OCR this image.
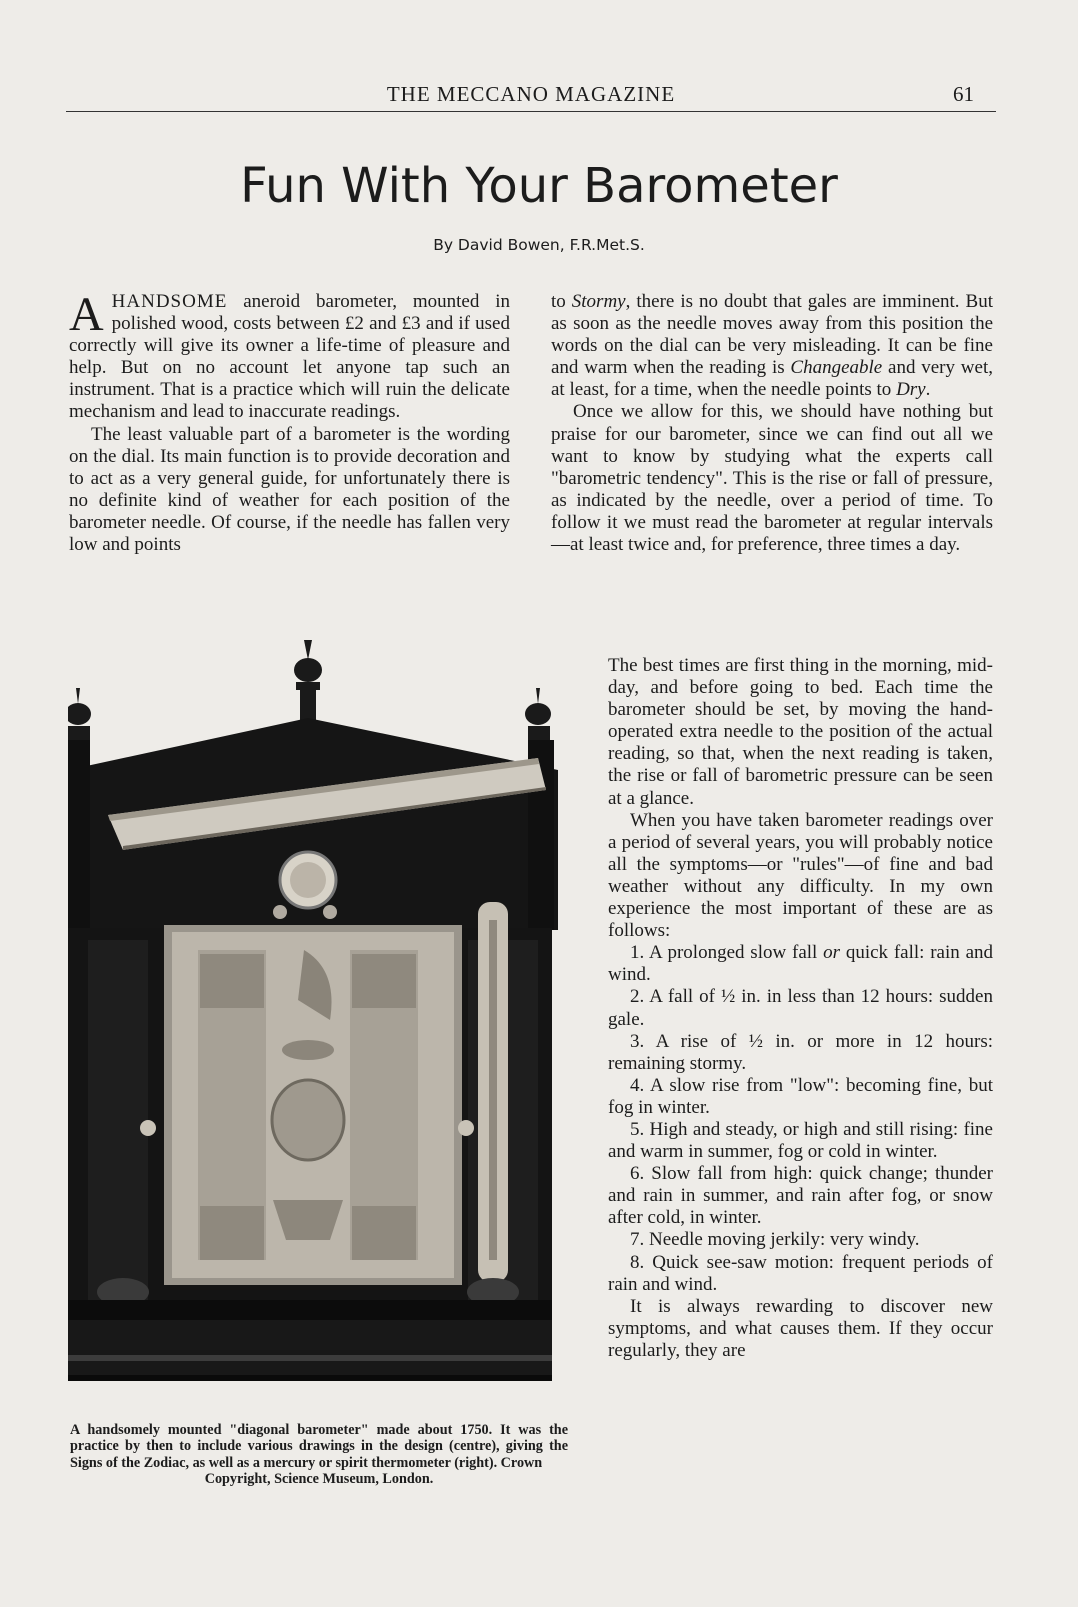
THE MECCANO MAGAZINE	61
Fun With Your Barometer
By David Bowen, F.R.Met.S.

AHANDSOME aneroid barometer, mounted in polished wood, costs between £2 and £3 and if used correctly will give its owner a life-time of pleasure and help. But on no account let anyone tap such an instrument. That is a practice which will ruin the delicate mechanism and lead to inaccurate readings.

The least valuable part of a barometer is the wording on the dial. Its main function is to provide decoration and to act as a very general guide, for unfortunately there is no definite kind of weather for each position of the barometer needle. Of course, if the needle has fallen very low and points

to Stormy, there is no doubt that gales are imminent. But as soon as the needle moves away from this position the words on the dial can be very misleading. It can be fine and warm when the reading is Changeable and very wet, at least, for a time, when the needle points to Dry.

Once we allow for this, we should have nothing but praise for our barometer, since we can find out all we want to know by studying what the experts call "barometric tendency". This is the rise or fall of pressure, as indicated by the needle, over a period of time. To follow it we must read the barometer at regular intervals—at least twice and, for preference, three times a day.

The best times are first thing in the morning, mid-day, and before going to bed. Each time the barometer should be set, by moving the hand-operated extra needle to the position of the actual reading, so that, when the next reading is taken, the rise or fall of barometric pressure can be seen at a glance.

When you have taken barometer readings over a period of several years, you will probably notice all the symptoms—or "rules"—of fine and bad weather without any difficulty. In my own experience the most important of these are as follows:

1. A prolonged slow fall or quick fall: rain and wind.

2. A fall of ½ in. in less than 12 hours: sudden gale.

3. A rise of ½ in. or more in 12 hours: remaining stormy.

4. A slow rise from "low": becoming fine, but fog in winter.

5. High and steady, or high and still rising: fine and warm in summer, fog or cold in winter.

6. Slow fall from high: quick change; thunder and rain in summer, and rain after fog, or snow after cold, in winter.

7. Needle moving jerkily: very windy.

8. Quick see-saw motion: frequent periods of rain and wind.

It is always rewarding to discover new symptoms, and what causes them. If they occur regularly, they are

A handsomely mounted "diagonal barometer" made about 1750. It was the practice by then to include various drawings in the design (centre), giving the Signs of the Zodiac, as well as a mercury or spirit thermometer (right). Crown
Copyright, Science Museum, London.
